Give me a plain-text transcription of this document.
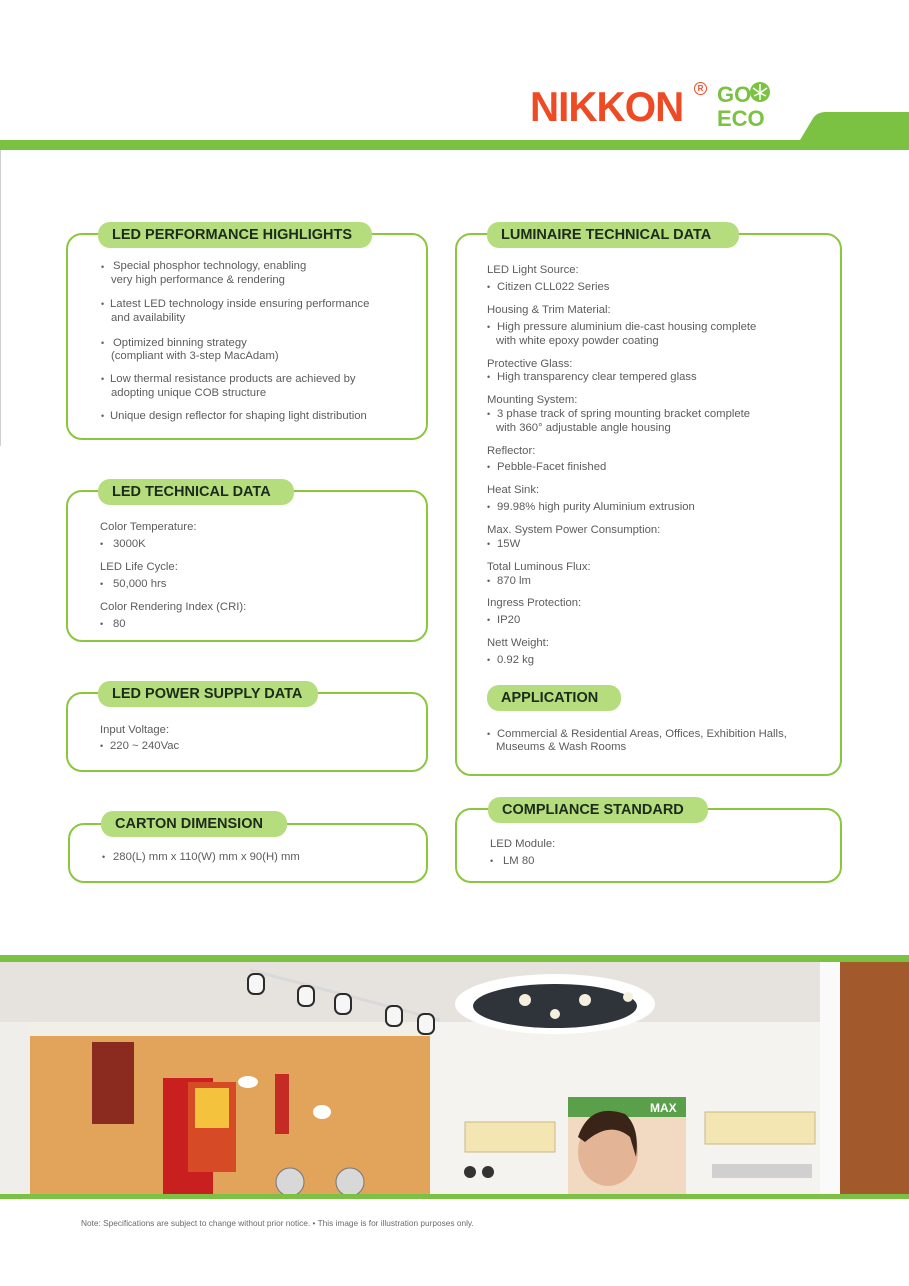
NIKKON	R GO
ECO
LED PERFORMANCE HIGHLIGHTS
• Special phosphor technology, enabling
very high performance & rendering
• Latest LED technology inside ensuring performance
and availability
• Optimized binning strategy
(compliant with 3-step MacAdam)
• Low thermal resistance products are achieved by
adopting unique COB structure
• Unique design reflector for shaping light distribution
LED TECHNICAL DATA
Color Temperature:
• 3000K
LED Life Cycle:
• 50,000 hrs
Color Rendering Index (CRI):
• 80
LED POWER SUPPLY DATA
Input Voltage:
• 220 ~ 240Vac
CARTON DIMENSION
• 280(L) mm x 110(W) mm x 90(H) mm
LUMINAIRE TECHNICAL DATA
LED Light Source:
• Citizen CLL022 Series
Housing & Trim Material:
• High pressure aluminium die-cast housing complete
with white epoxy powder coating
Protective Glass:
• High transparency clear tempered glass
Mounting System:
• 3 phase track of spring mounting bracket complete
with 360° adjustable angle housing
Reflector:
• Pebble-Facet finished
Heat Sink:
• 99.98% high purity Aluminium extrusion
Max. System Power Consumption:
• 15W
Total Luminous Flux:
• 870 lm
Ingress Protection:
• IP20
Nett Weight:
• 0.92 kg
APPLICATION
• Commercial & Residential Areas, Offices, Exhibition Halls,
Museums & Wash Rooms
COMPLIANCE STANDARD
LED Module:
• LM 80
MAX
Note: Specifications are subject to change without prior notice. • This image is for illustration purposes only.
